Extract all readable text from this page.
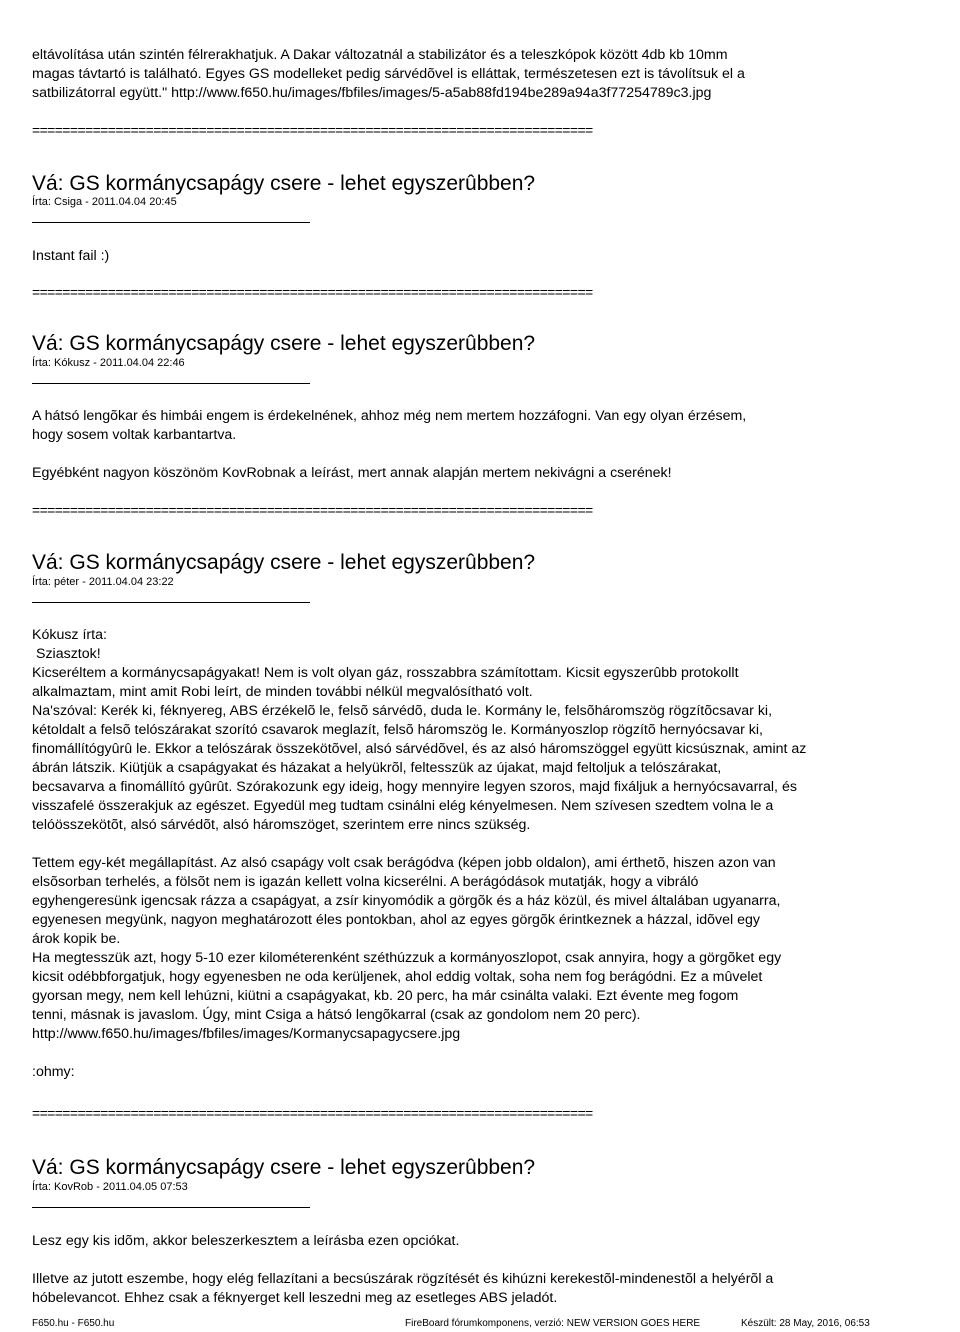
eltávolítása után szintén félrerakhatjuk. A Dakar változatnál a stabilizátor és a teleszkópok között 4db kb 10mm
magas távtartó is található. Egyes GS modelleket pedig sárvédõvel is elláttak, természetesen ezt is távolítsuk el a
satbilizátorral együtt." http://www.f650.hu/images/fbfiles/images/5-a5ab88fd194be289a94a3f77254789c3.jpg
==========================================================================
Vá: GS kormánycsapágy csere - lehet egyszerûbben?
Írta: Csiga - 2011.04.04 20:45
Instant fail :)
==========================================================================
Vá: GS kormánycsapágy csere - lehet egyszerûbben?
Írta: Kókusz - 2011.04.04 22:46
A hátsó lengõkar és himbái engem is érdekelnének, ahhoz még nem mertem hozzáfogni. Van egy olyan érzésem,
hogy sosem voltak karbantartva.
Egyébként nagyon köszönöm KovRobnak a leírást, mert annak alapján mertem nekivágni a cserének!
==========================================================================
Vá: GS kormánycsapágy csere - lehet egyszerûbben?
Írta: péter - 2011.04.04 23:22
Kókusz írta:
Sziasztok!
Kicseréltem a kormánycsapágyakat! Nem is volt olyan gáz, rosszabbra számítottam. Kicsit egyszerûbb protokollt
alkalmaztam, mint amit Robi leírt, de minden további nélkül megvalósítható volt.
Na'szóval: Kerék ki, féknyereg, ABS érzékelõ le, felsõ sárvédõ, duda le. Kormány le, felsõháromszög rögzítõcsavar ki,
kétoldalt a felsõ telószárakat szorító csavarok meglazít, felsõ háromszög le. Kormányoszlop rögzítõ hernyócsavar ki,
finomállítógyûrû le. Ekkor a telószárak összekötõvel, alsó sárvédõvel, és az alsó háromszöggel együtt kicsúsznak, amint az
ábrán látszik. Kiütjük a csapágyakat és házakat a helyükrõl, feltesszük az újakat, majd feltoljuk a telószárakat,
becsavarva a finomállító gyûrût. Szórakozunk egy ideig, hogy mennyire legyen szoros, majd fixáljuk a hernyócsavarral, és
visszafelé összerakjuk az egészet. Egyedül meg tudtam csinálni elég kényelmesen. Nem szívesen szedtem volna le a
telóösszekötõt, alsó sárvédõt, alsó háromszöget, szerintem erre nincs szükség.
Tettem egy-két megállapítást. Az alsó csapágy volt csak berágódva (képen jobb oldalon), ami érthetõ, hiszen azon van
elsõsorban terhelés, a fölsõt nem is igazán kellett volna kicserélni. A berágódások mutatják, hogy a vibráló
egyhengeresünk igencsak rázza a csapágyat, a zsír kinyomódik a görgõk és a ház közül, és mivel általában ugyanarra,
egyenesen megyünk, nagyon meghatározott éles pontokban, ahol az egyes görgõk érintkeznek a házzal, idõvel egy
árok kopik be.
Ha megtesszük azt, hogy 5-10 ezer kilométerenként széthúzzuk a kormányoszlopot, csak annyira, hogy a görgõket egy
kicsit odébbforgatjuk, hogy egyenesben ne oda kerüljenek, ahol eddig voltak, soha nem fog berágódni. Ez a mûvelet
gyorsan megy, nem kell lehúzni, kiütni a csapágyakat, kb. 20 perc, ha már csinálta valaki. Ezt évente meg fogom
tenni, másnak is javaslom. Úgy, mint Csiga a hátsó lengõkarral (csak az gondolom nem 20 perc).
http://www.f650.hu/images/fbfiles/images/Kormanycsapagycsere.jpg
:ohmy:
==========================================================================
Vá: GS kormánycsapágy csere - lehet egyszerûbben?
Írta: KovRob - 2011.04.05 07:53
Lesz egy kis idõm, akkor beleszerkesztem a leírásba ezen opciókat.
Illetve az jutott eszembe, hogy elég fellazítani a becsúszárak rögzítését és kihúzni kerekestõl-mindenestõl a helyérõl a
hóbelevancot. Ehhez csak a féknyerget kell leszedni meg az esetleges ABS jeladót.
F650.hu - F650.hu	FireBoard fórumkomponens, verzió: NEW VERSION GOES HERE	Készült: 28 May, 2016, 06:53
